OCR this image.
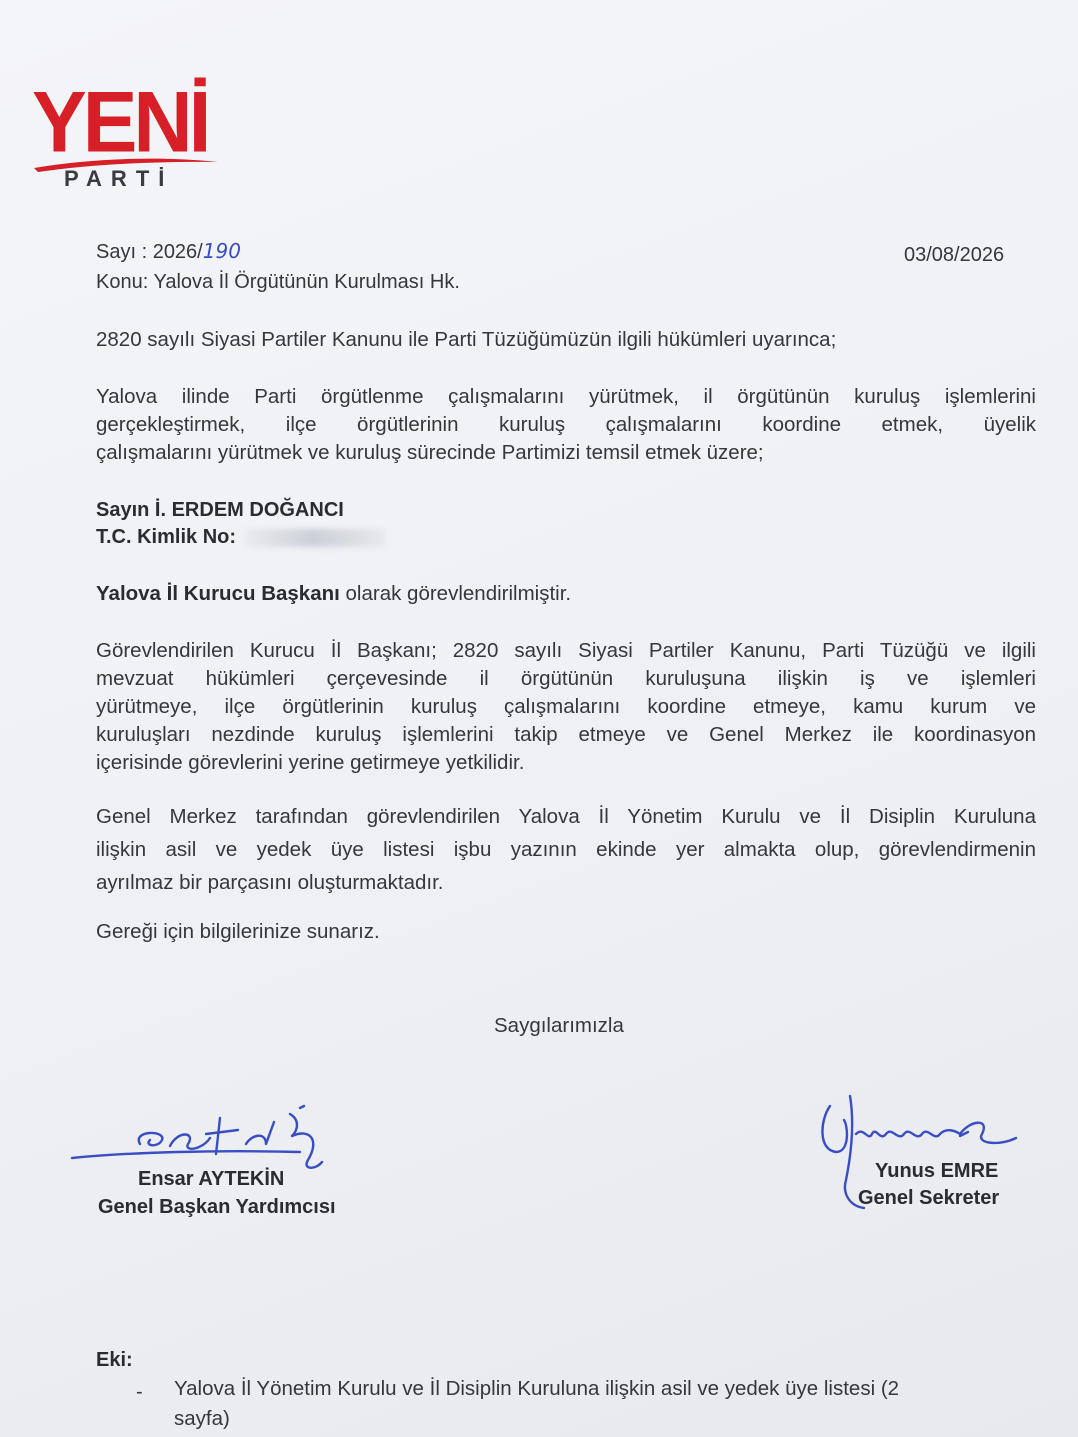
YENİ
PARTİ
Sayı : 2026/190	03/08/2026
Konu: Yalova İl Örgütünün Kurulması Hk.
2820 sayılı Siyasi Partiler Kanunu ile Parti Tüzüğümüzün ilgili hükümleri uyarınca;
Yalova ilinde Parti örgütlenme çalışmalarını yürütmek, il örgütünün kuruluş işlemlerini
gerçekleştirmek, ilçe örgütlerinin kuruluş çalışmalarını koordine etmek, üyelik
çalışmalarını yürütmek ve kuruluş sürecinde Partimizi temsil etmek üzere;
Sayın İ. ERDEM DOĞANCI
T.C. Kimlik No:
Yalova İl Kurucu Başkanı olarak görevlendirilmiştir.
Görevlendirilen Kurucu İl Başkanı; 2820 sayılı Siyasi Partiler Kanunu, Parti Tüzüğü ve ilgili
mevzuat hükümleri çerçevesinde il örgütünün kuruluşuna ilişkin iş ve işlemleri
yürütmeye, ilçe örgütlerinin kuruluş çalışmalarını koordine etmeye, kamu kurum ve
kuruluşları nezdinde kuruluş işlemlerini takip etmeye ve Genel Merkez ile koordinasyon
içerisinde görevlerini yerine getirmeye yetkilidir.
Genel Merkez tarafından görevlendirilen Yalova İl Yönetim Kurulu ve İl Disiplin Kuruluna
ilişkin asil ve yedek üye listesi işbu yazının ekinde yer almakta olup, görevlendirmenin
ayrılmaz bir parçasını oluşturmaktadır.
Gereği için bilgilerinize sunarız.
Saygılarımızla
Ensar AYTEKİN
Genel Başkan Yardımcısı
Yunus EMRE
Genel Sekreter
Eki:
- Yalova İl Yönetim Kurulu ve İl Disiplin Kuruluna ilişkin asil ve yedek üye listesi (2
sayfa)
